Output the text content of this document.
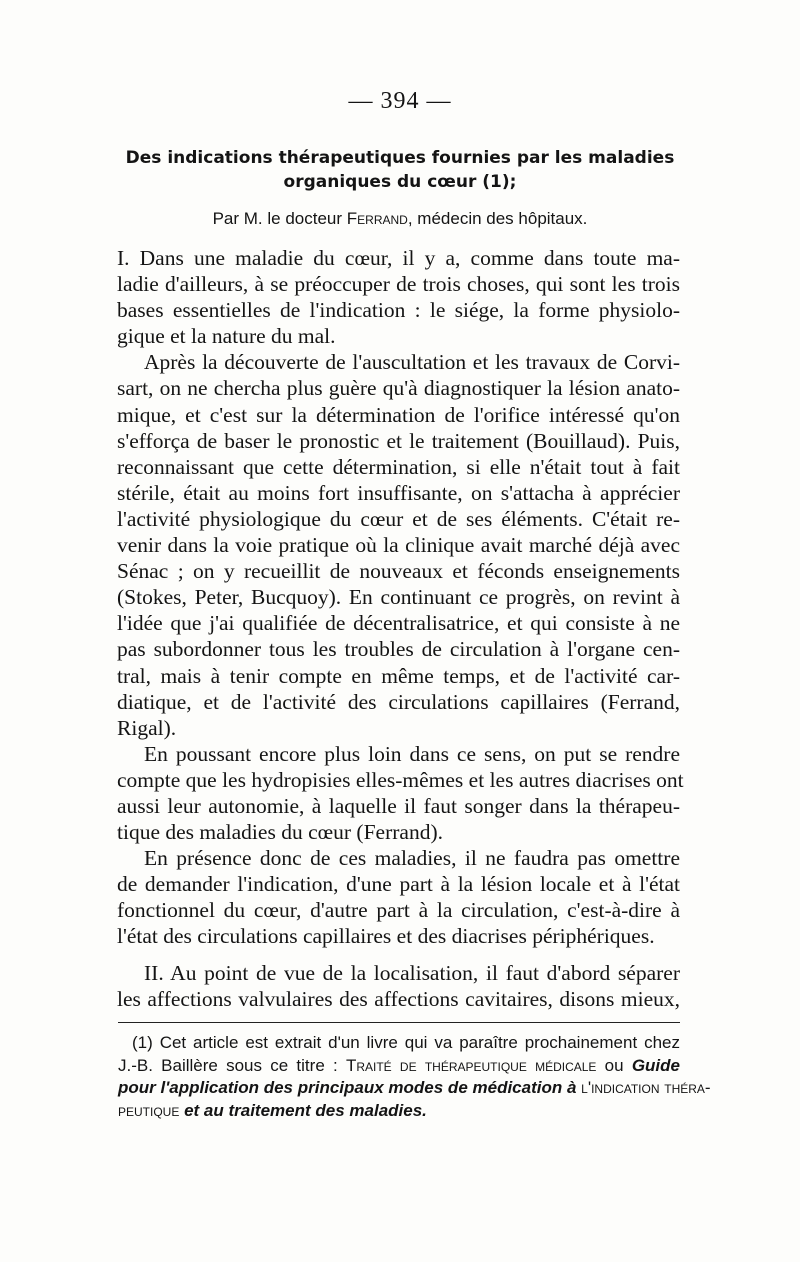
— 394 —
Des indications thérapeutiques fournies par les maladies
organiques du cœur (1);
Par M. le docteur Ferrand, médecin des hôpitaux.
I. Dans une maladie du cœur, il y a, comme dans toute ma-
ladie d'ailleurs, à se préoccuper de trois choses, qui sont les trois
bases essentielles de l'indication : le siége, la forme physiolo-
gique et la nature du mal.
Après la découverte de l'auscultation et les travaux de Corvi-
sart, on ne chercha plus guère qu'à diagnostiquer la lésion anato-
mique, et c'est sur la détermination de l'orifice intéressé qu'on
s'efforça de baser le pronostic et le traitement (Bouillaud). Puis,
reconnaissant que cette détermination, si elle n'était tout à fait
stérile, était au moins fort insuffisante, on s'attacha à apprécier
l'activité physiologique du cœur et de ses éléments. C'était re-
venir dans la voie pratique où la clinique avait marché déjà avec
Sénac ; on y recueillit de nouveaux et féconds enseignements
(Stokes, Peter, Bucquoy). En continuant ce progrès, on revint à
l'idée que j'ai qualifiée de décentralisatrice, et qui consiste à ne
pas subordonner tous les troubles de circulation à l'organe cen-
tral, mais à tenir compte en même temps, et de l'activité car-
diatique, et de l'activité des circulations capillaires (Ferrand,
Rigal).
En poussant encore plus loin dans ce sens, on put se rendre
compte que les hydropisies elles-mêmes et les autres diacrises ont
aussi leur autonomie, à laquelle il faut songer dans la thérapeu-
tique des maladies du cœur (Ferrand).
En présence donc de ces maladies, il ne faudra pas omettre
de demander l'indication, d'une part à la lésion locale et à l'état
fonctionnel du cœur, d'autre part à la circulation, c'est-à-dire à
l'état des circulations capillaires et des diacrises périphériques.
II. Au point de vue de la localisation, il faut d'abord séparer
les affections valvulaires des affections cavitaires, disons mieux,
(1) Cet article est extrait d'un livre qui va paraître prochainement chez
J.-B. Baillère sous ce titre : Traité de thérapeutique médicale ou Guide
pour l'application des principaux modes de médication à l'indication théra-
peutique et au traitement des maladies.
